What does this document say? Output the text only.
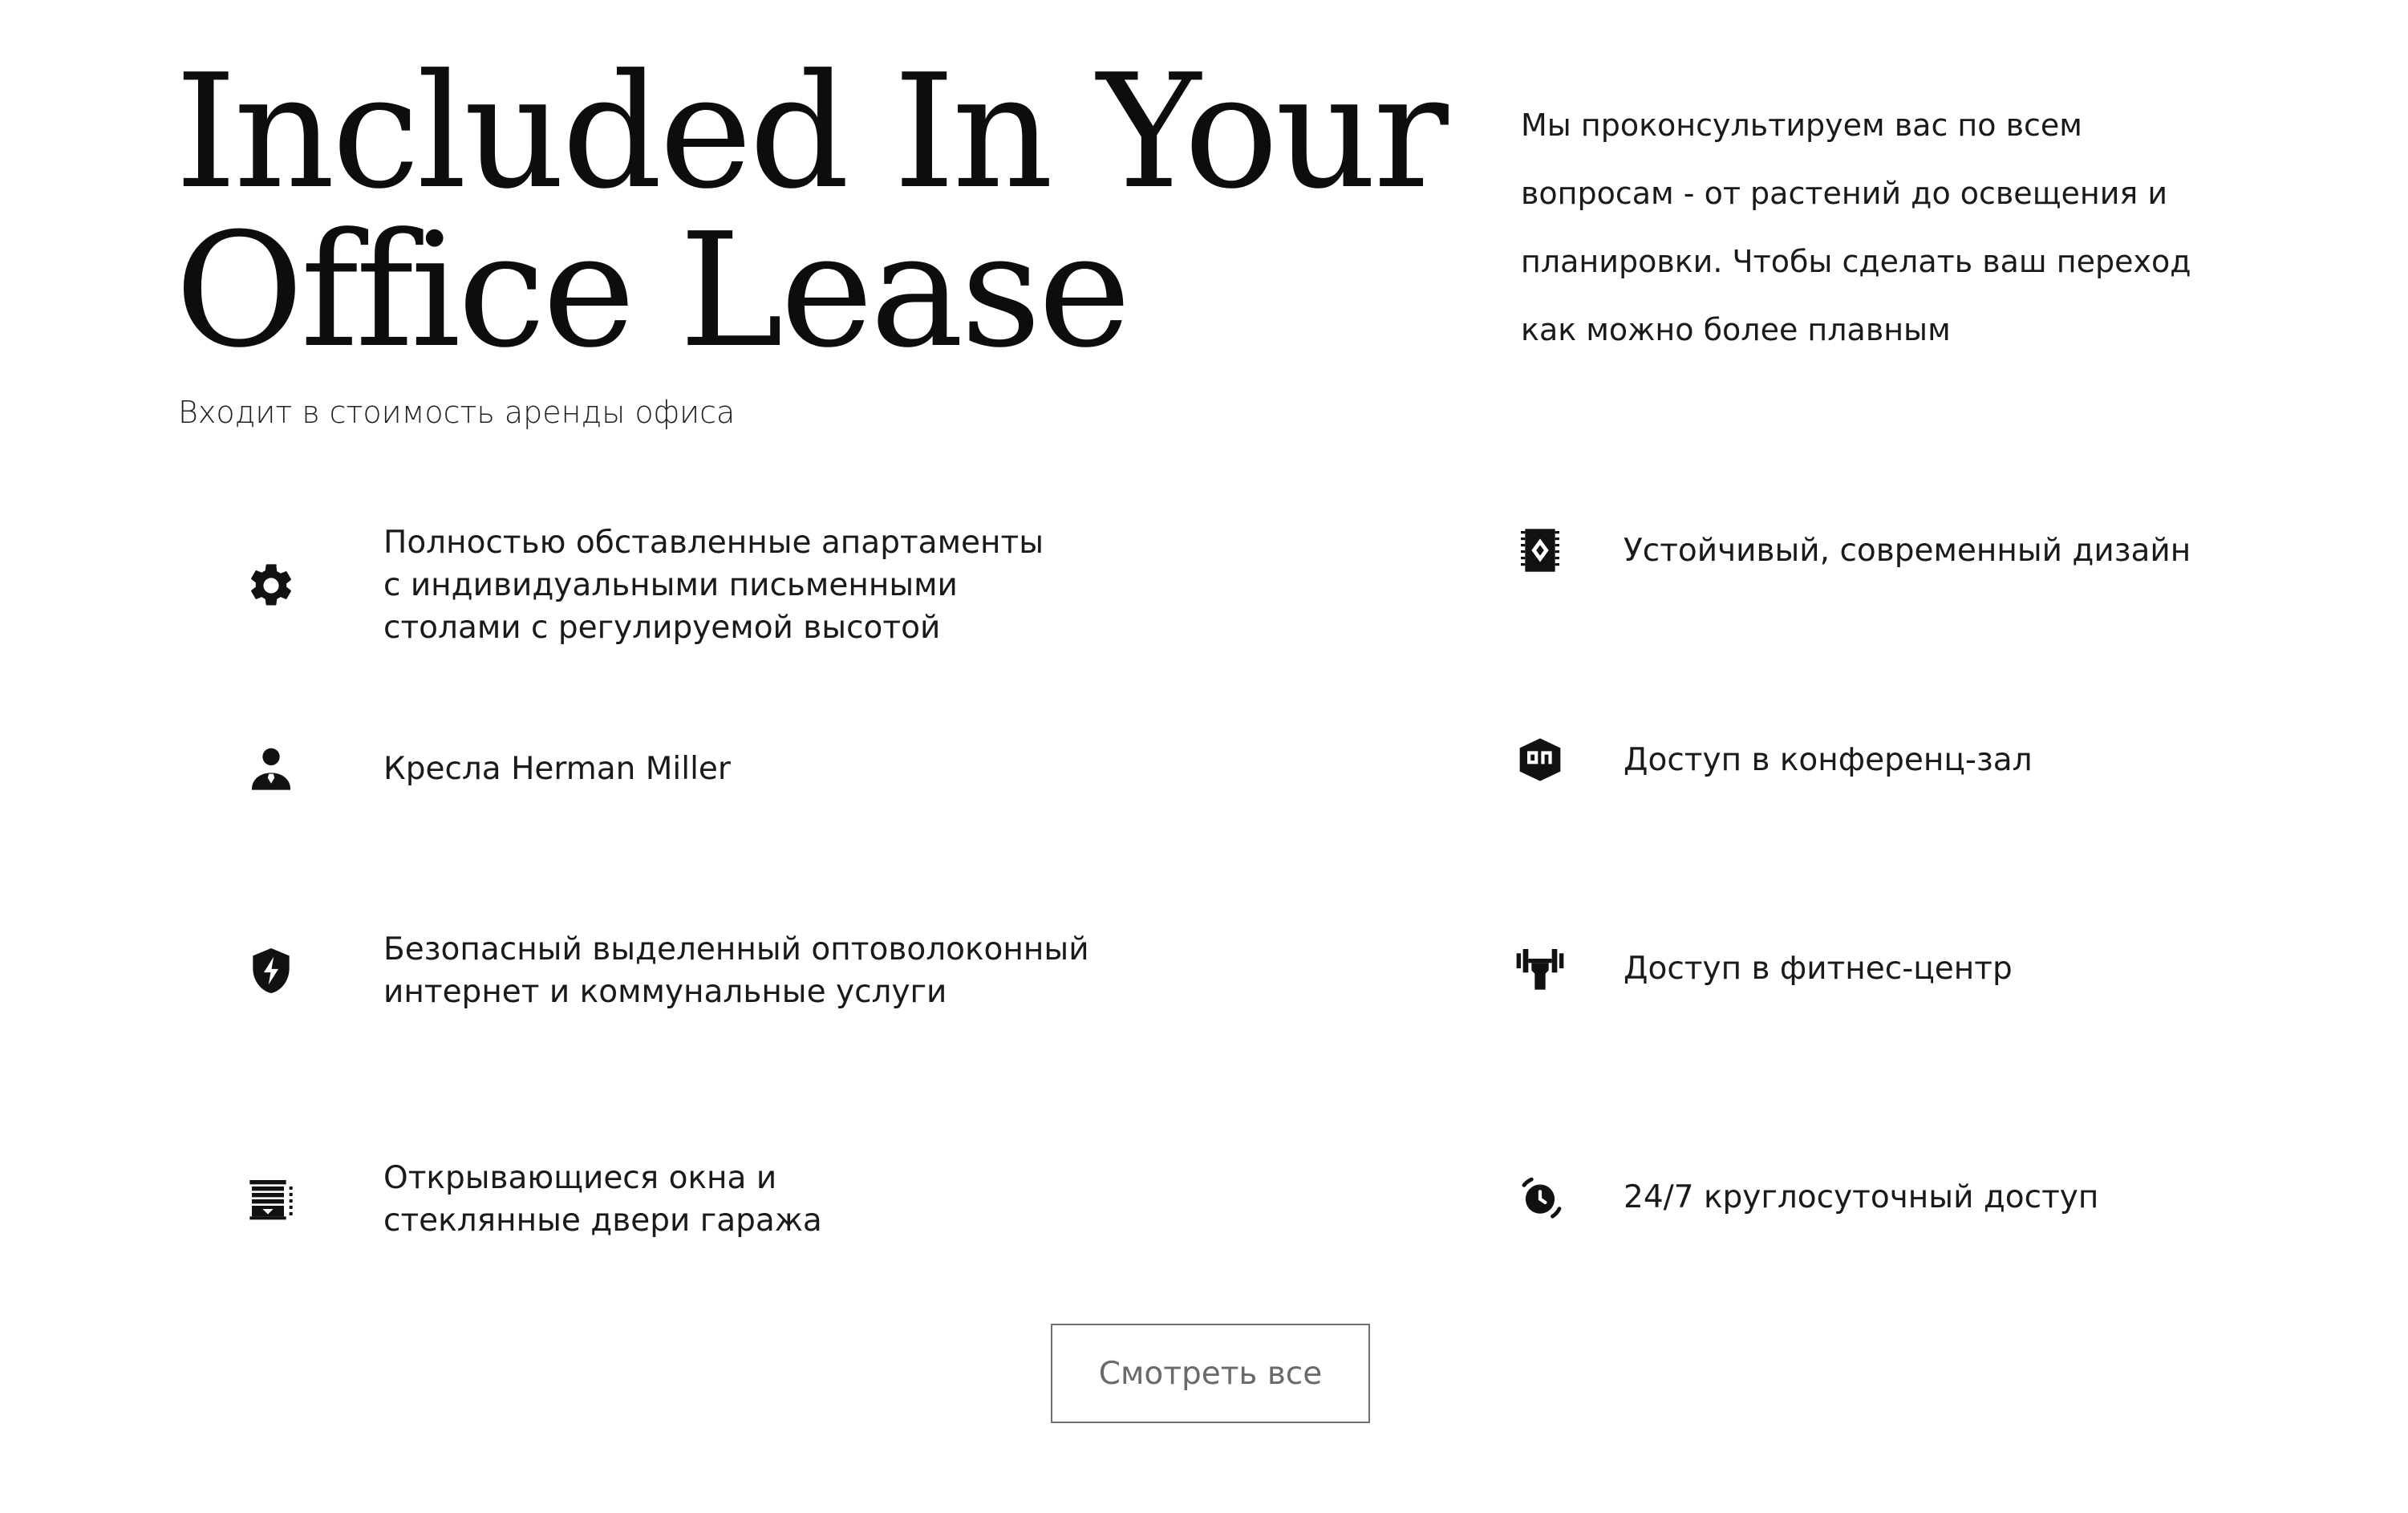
Included In Your
Office Lease
Входит в стоимость аренды офиса

Мы проконсультируем вас по всем вопросам - от растений до освещения и планировки. Чтобы сделать ваш переход как можно более плавным

Полностью обставленные апартаменты
с индивидуальными письменными
столами с регулируемой высотой
Кресла Herman Miller
Безопасный выделенный оптоволоконный
интернет и коммунальные услуги
Открывающиеся окна и
стеклянные двери гаража
Устойчивый, современный дизайн
Доступ в конференц-зал
Доступ в фитнес-центр
24/7 круглосуточный доступ
Смотреть все
